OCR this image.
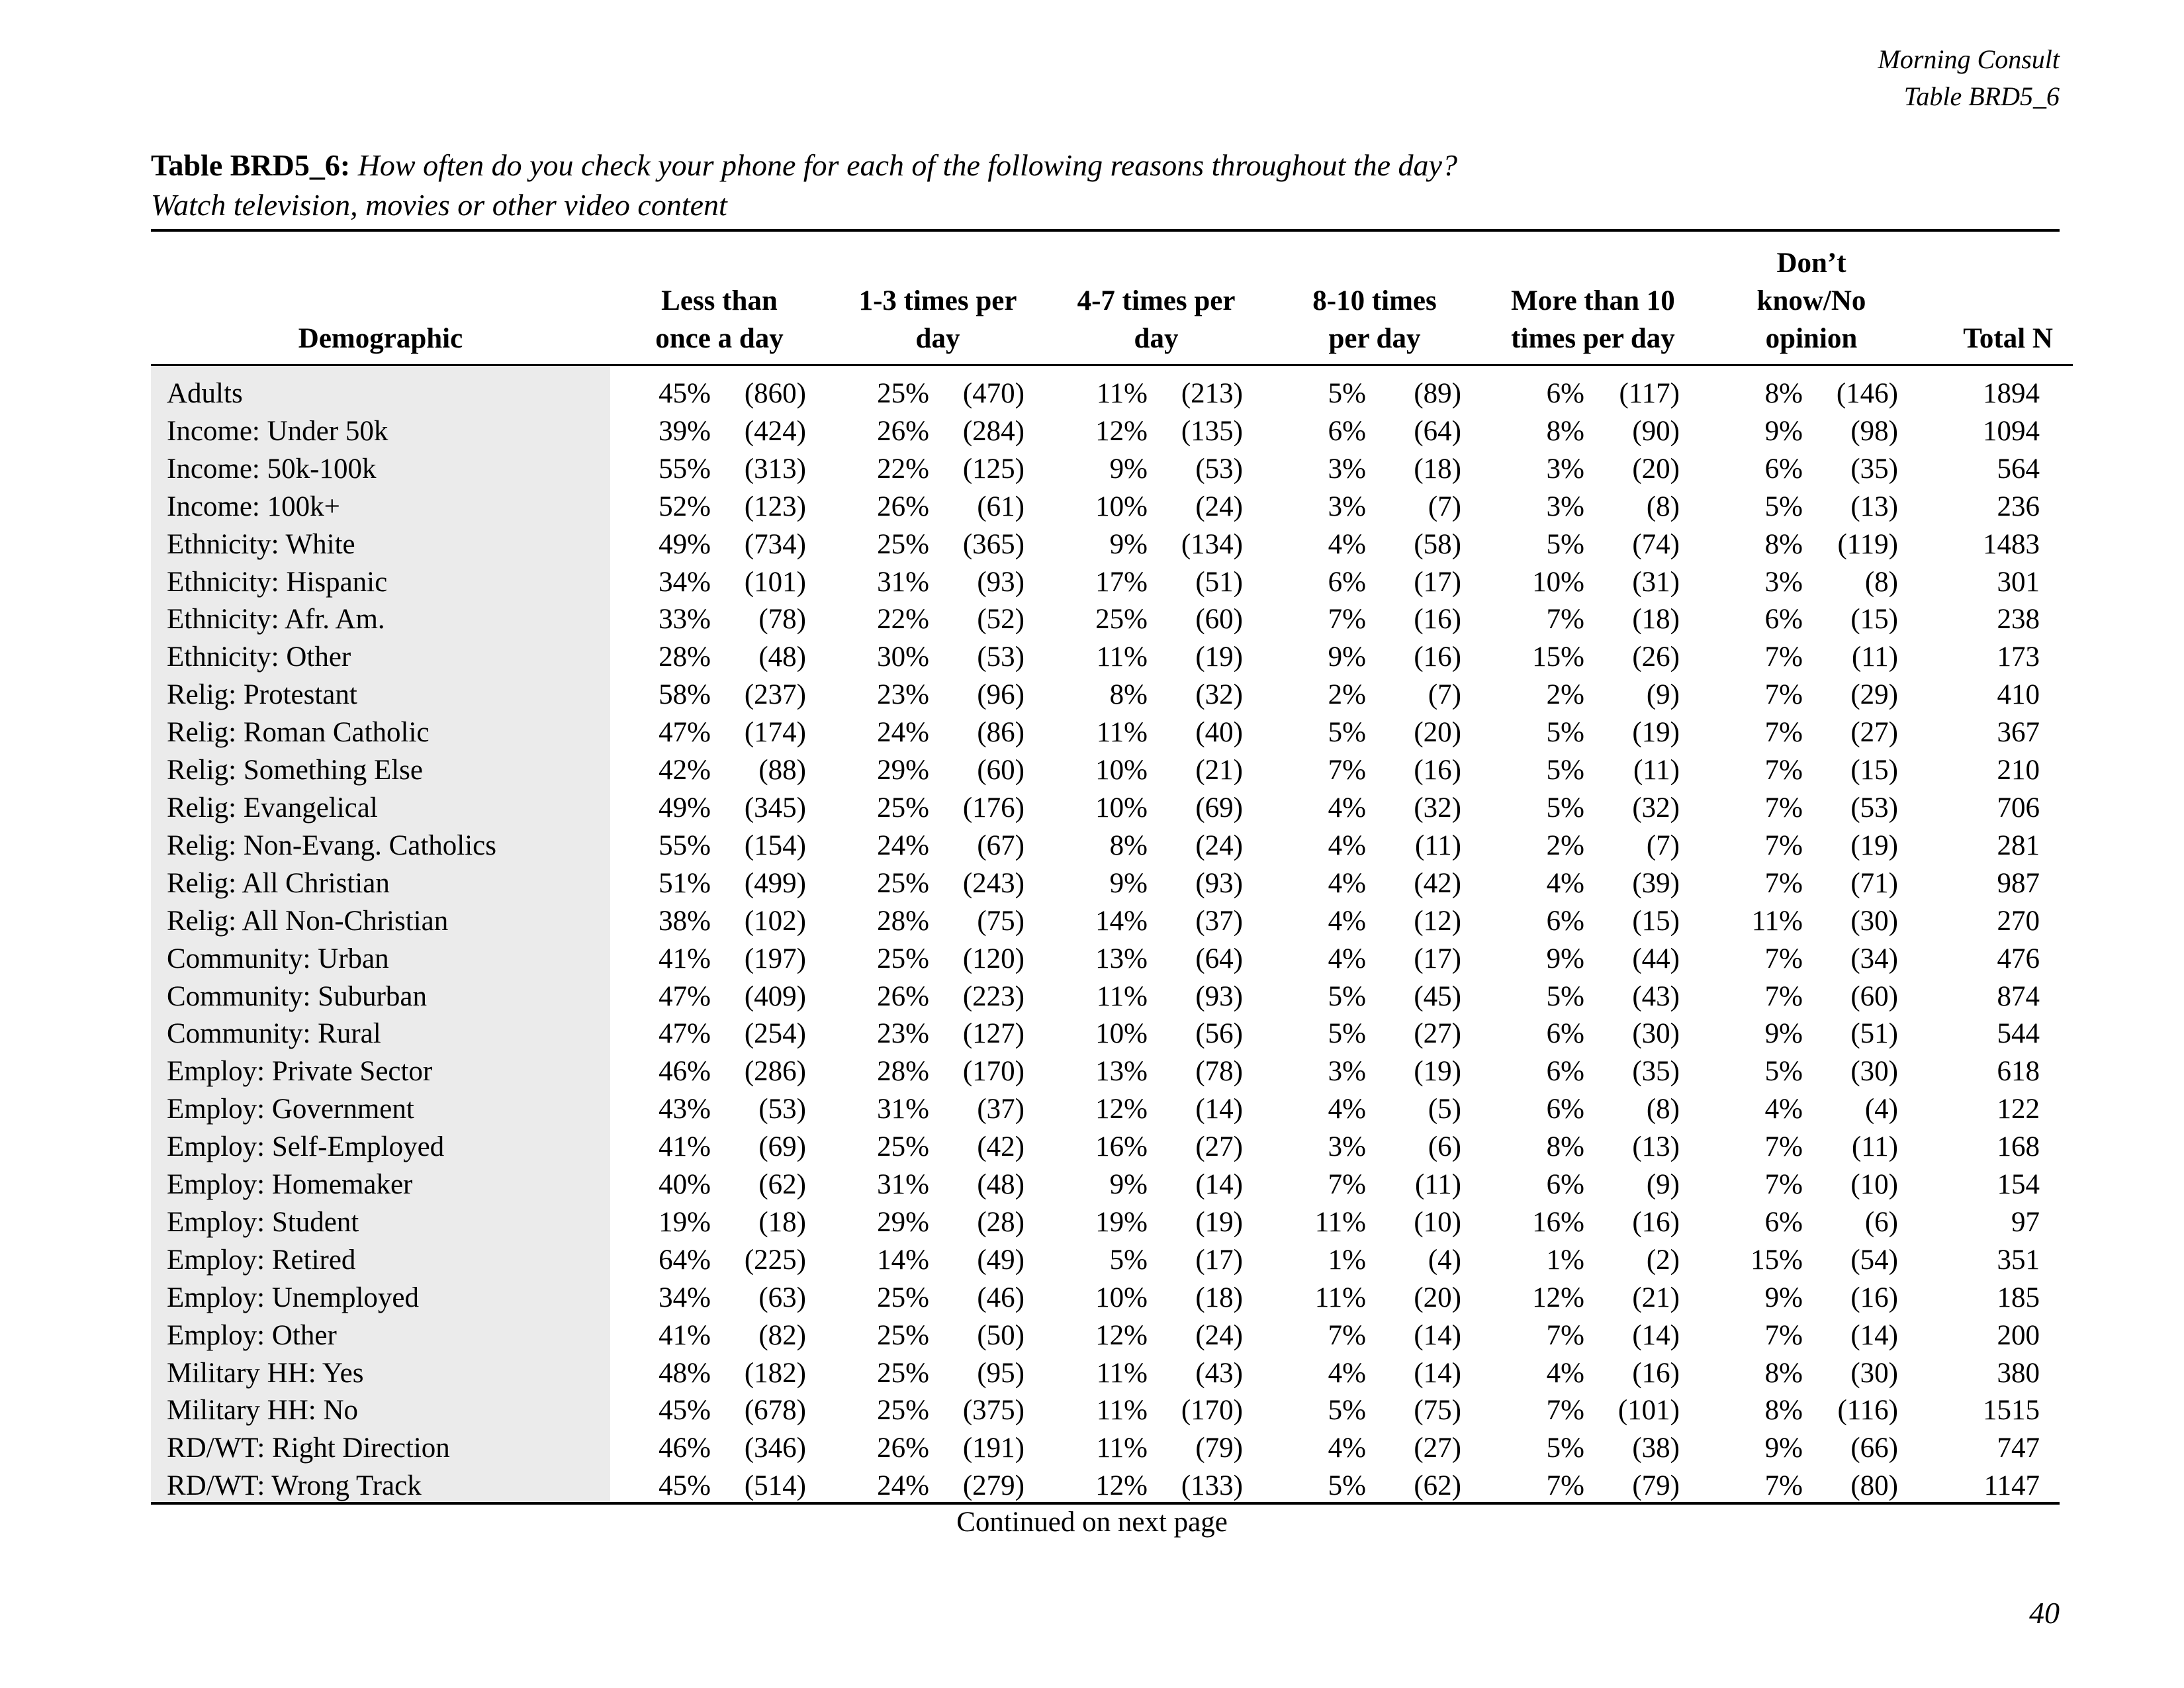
Morning Consult
Table BRD5_6
Table BRD5_6: How often do you check your phone for each of the following reasons throughout the day?
Watch television, movies or other video content
Demographic	Less than once a day		1-3 times per day		4-7 times per day		8-10 times per day		More than 10 times per day		Don’t know/No opinion		Total N

Adults	45%	(860)	25%	(470)	11%	(213)	5%	(89)	6%	(117)	8%	(146)	1894
Income: Under 50k	39%	(424)	26%	(284)	12%	(135)	6%	(64)	8%	(90)	9%	(98)	1094
Income: 50k-100k	55%	(313)	22%	(125)	9%	(53)	3%	(18)	3%	(20)	6%	(35)	564
Income: 100k+	52%	(123)	26%	(61)	10%	(24)	3%	(7)	3%	(8)	5%	(13)	236
Ethnicity: White	49%	(734)	25%	(365)	9%	(134)	4%	(58)	5%	(74)	8%	(119)	1483
Ethnicity: Hispanic	34%	(101)	31%	(93)	17%	(51)	6%	(17)	10%	(31)	3%	(8)	301
Ethnicity: Afr. Am.	33%	(78)	22%	(52)	25%	(60)	7%	(16)	7%	(18)	6%	(15)	238
Ethnicity: Other	28%	(48)	30%	(53)	11%	(19)	9%	(16)	15%	(26)	7%	(11)	173
Relig: Protestant	58%	(237)	23%	(96)	8%	(32)	2%	(7)	2%	(9)	7%	(29)	410
Relig: Roman Catholic	47%	(174)	24%	(86)	11%	(40)	5%	(20)	5%	(19)	7%	(27)	367
Relig: Something Else	42%	(88)	29%	(60)	10%	(21)	7%	(16)	5%	(11)	7%	(15)	210
Relig: Evangelical	49%	(345)	25%	(176)	10%	(69)	4%	(32)	5%	(32)	7%	(53)	706
Relig: Non-Evang. Catholics	55%	(154)	24%	(67)	8%	(24)	4%	(11)	2%	(7)	7%	(19)	281
Relig: All Christian	51%	(499)	25%	(243)	9%	(93)	4%	(42)	4%	(39)	7%	(71)	987
Relig: All Non-Christian	38%	(102)	28%	(75)	14%	(37)	4%	(12)	6%	(15)	11%	(30)	270
Community: Urban	41%	(197)	25%	(120)	13%	(64)	4%	(17)	9%	(44)	7%	(34)	476
Community: Suburban	47%	(409)	26%	(223)	11%	(93)	5%	(45)	5%	(43)	7%	(60)	874
Community: Rural	47%	(254)	23%	(127)	10%	(56)	5%	(27)	6%	(30)	9%	(51)	544
Employ: Private Sector	46%	(286)	28%	(170)	13%	(78)	3%	(19)	6%	(35)	5%	(30)	618
Employ: Government	43%	(53)	31%	(37)	12%	(14)	4%	(5)	6%	(8)	4%	(4)	122
Employ: Self-Employed	41%	(69)	25%	(42)	16%	(27)	3%	(6)	8%	(13)	7%	(11)	168
Employ: Homemaker	40%	(62)	31%	(48)	9%	(14)	7%	(11)	6%	(9)	7%	(10)	154
Employ: Student	19%	(18)	29%	(28)	19%	(19)	11%	(10)	16%	(16)	6%	(6)	97
Employ: Retired	64%	(225)	14%	(49)	5%	(17)	1%	(4)	1%	(2)	15%	(54)	351
Employ: Unemployed	34%	(63)	25%	(46)	10%	(18)	11%	(20)	12%	(21)	9%	(16)	185
Employ: Other	41%	(82)	25%	(50)	12%	(24)	7%	(14)	7%	(14)	7%	(14)	200
Military HH: Yes	48%	(182)	25%	(95)	11%	(43)	4%	(14)	4%	(16)	8%	(30)	380
Military HH: No	45%	(678)	25%	(375)	11%	(170)	5%	(75)	7%	(101)	8%	(116)	1515
RD/WT: Right Direction	46%	(346)	26%	(191)	11%	(79)	4%	(27)	5%	(38)	9%	(66)	747
RD/WT: Wrong Track	45%	(514)	24%	(279)	12%	(133)	5%	(62)	7%	(79)	7%	(80)	1147
Continued on next page
40
